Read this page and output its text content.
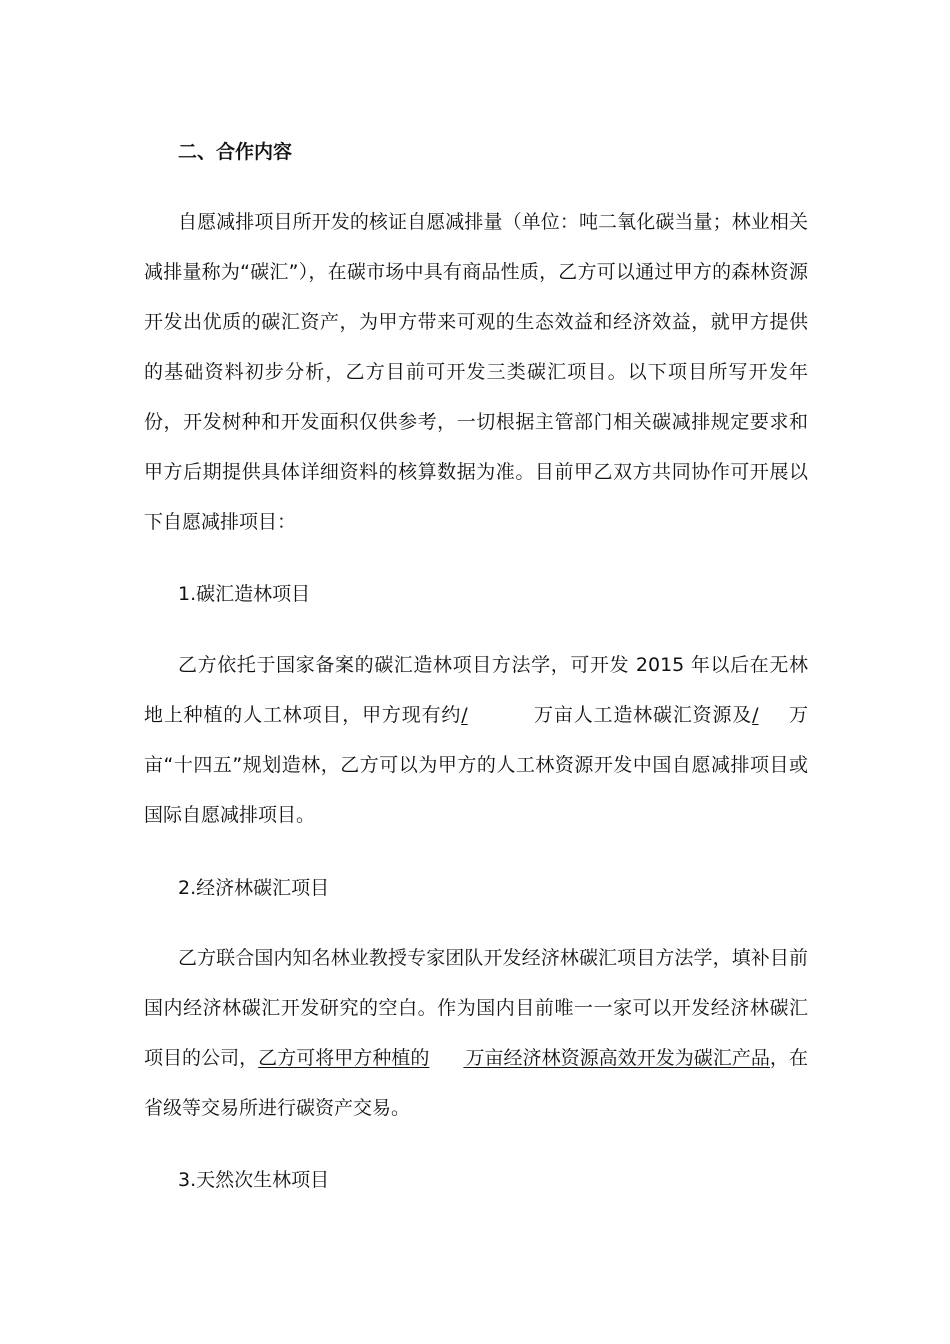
二、合作内容

自愿减排项目所开发的核证自愿减排量（单位：吨二氧化碳当量；林业相关减排量称为“碳汇”），在碳市场中具有商品性质，乙方可以通过甲方的森林资源开发出优质的碳汇资产，为甲方带来可观的生态效益和经济效益，就甲方提供的基础资料初步分析，乙方目前可开发三类碳汇项目。以下项目所写开发年份，开发树种和开发面积仅供参考，一切根据主管部门相关碳减排规定要求和甲方后期提供具体详细资料的核算数据为准。目前甲乙双方共同协作可开展以下自愿减排项目：

1.碳汇造林项目

乙方依托于国家备案的碳汇造林项目方法学，可开发 2015 年以后在无林地上种植的人工林项目，甲方现有约/	万亩人工造林碳汇资源及/ 万亩“十四五”规划造林，乙方可以为甲方的人工林资源开发中国自愿减排项目或国际自愿减排项目。

2.经济林碳汇项目

乙方联合国内知名林业教授专家团队开发经济林碳汇项目方法学，填补目前国内经济林碳汇开发研究的空白。作为国内目前唯一一家可以开发经济林碳汇项目的公司，乙方可将甲方种植的 万亩经济林资源高效开发为碳汇产品，在省级等交易所进行碳资产交易。

3.天然次生林项目
